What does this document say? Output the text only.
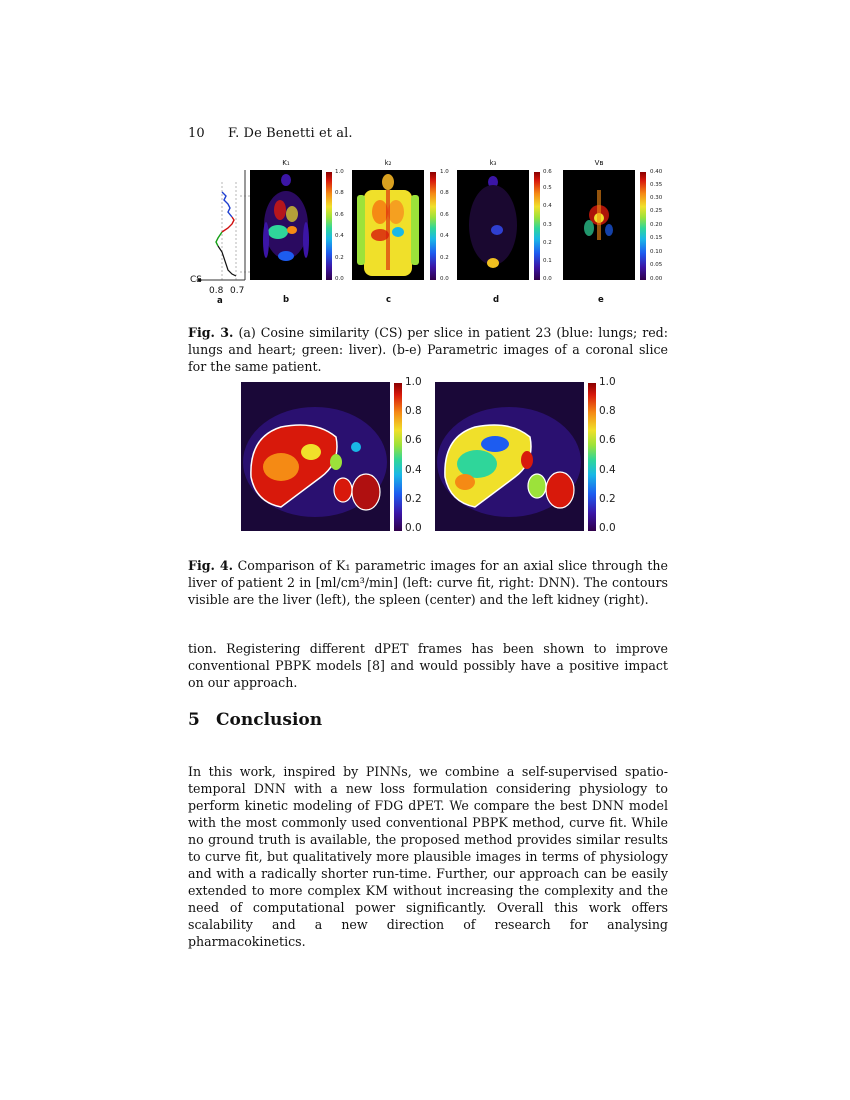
10 F. De Benetti et al.
CS
0.8 0.7
K₁
1.0
0.8
0.6
0.4
0.2
0.0
b
a
k₂
1.0
0.8
0.6
0.4
0.2
0.0
c
k₃
0.6
0.5
0.4
0.3
0.2
0.1
0.0
d
Vʙ
0.40
0.35
0.30
0.25
0.20
0.15
0.10
0.05
0.00
e
Fig. 3. (a) Cosine similarity (CS) per slice in patient 23 (blue: lungs; red: lungs and heart; green: liver). (b-e) Parametric images of a coronal slice for the same patient.
1.0
0.8
0.6
0.4
0.2
0.0
1.0
0.8
0.6
0.4
0.2
0.0
Fig. 4. Comparison of K₁ parametric images for an axial slice through the liver of patient 2 in [ml/cm³/min] (left: curve fit, right: DNN). The contours visible are the liver (left), the spleen (center) and the left kidney (right).
tion. Registering different dPET frames has been shown to improve conventional PBPK models [8] and would possibly have a positive impact on our approach.
5 Conclusion
In this work, inspired by PINNs, we combine a self-supervised spatio-temporal DNN with a new loss formulation considering physiology to perform kinetic modeling of FDG dPET. We compare the best DNN model with the most commonly used conventional PBPK method, curve fit. While no ground truth is available, the proposed method provides similar results to curve fit, but qualitatively more plausible images in terms of physiology and with a radically shorter run-time. Further, our approach can be easily extended to more complex KM without increasing the complexity and the need of computational power significantly. Overall this work offers scalability and a new direction of research for analysing pharmacokinetics.
